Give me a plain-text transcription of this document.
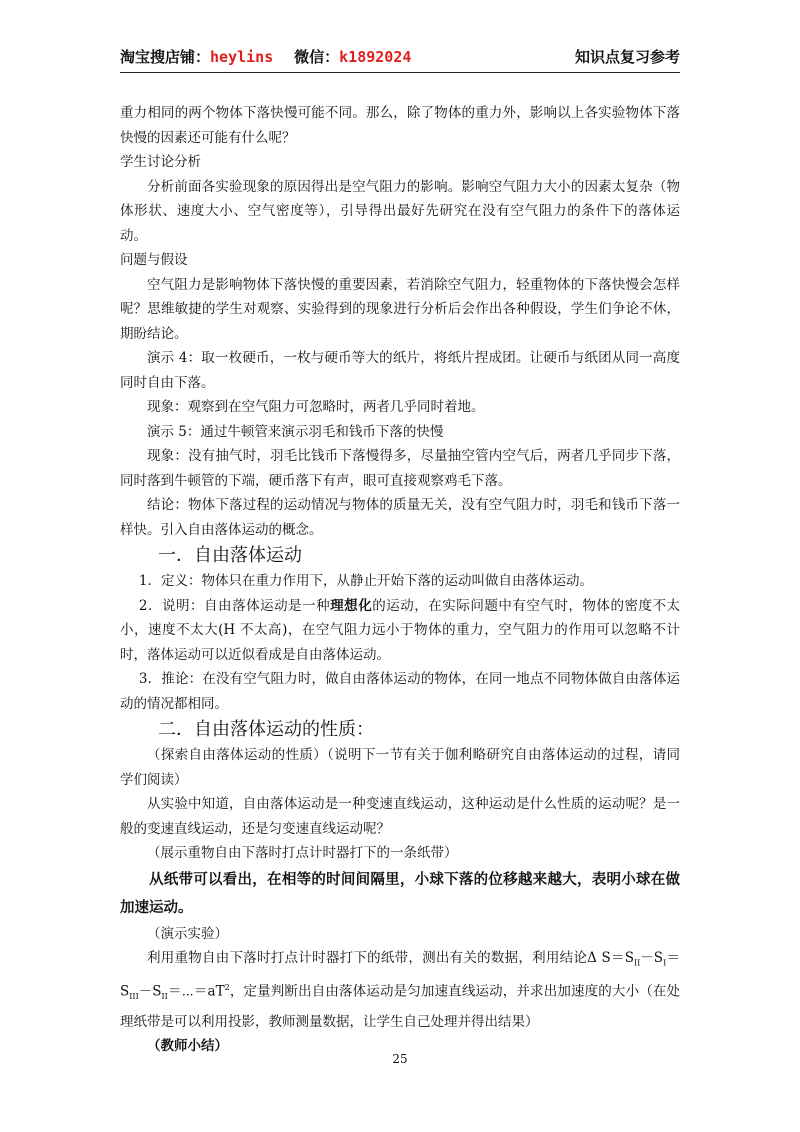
淘宝搜店铺：heylins 微信：k1892024	知识点复习参考

重力相同的两个物体下落快慢可能不同。那么，除了物体的重力外，影响以上各实验物体下落快慢的因素还可能有什么呢？

学生讨论分析

分析前面各实验现象的原因得出是空气阻力的影响。影响空气阻力大小的因素太复杂（物体形状、速度大小、空气密度等），引导得出最好先研究在没有空气阻力的条件下的落体运动。

问题与假设

空气阻力是影响物体下落快慢的重要因素，若消除空气阻力，轻重物体的下落快慢会怎样呢？思维敏捷的学生对观察、实验得到的现象进行分析后会作出各种假设，学生们争论不休，期盼结论。

演示 4：取一枚硬币，一枚与硬币等大的纸片，将纸片捏成团。让硬币与纸团从同一高度同时自由下落。

现象：观察到在空气阻力可忽略时，两者几乎同时着地。

演示 5：通过牛顿管来演示羽毛和钱币下落的快慢

现象：没有抽气时，羽毛比钱币下落慢得多，尽量抽空管内空气后，两者几乎同步下落，同时落到牛顿管的下端，硬币落下有声，眼可直接观察鸡毛下落。

结论：物体下落过程的运动情况与物体的质量无关，没有空气阻力时，羽毛和钱币下落一样快。引入自由落体运动的概念。

一．自由落体运动

1．定义：物体只在重力作用下，从静止开始下落的运动叫做自由落体运动。

2．说明：自由落体运动是一种理想化的运动，在实际问题中有空气时，物体的密度不太小，速度不太大(H 不太高)，在空气阻力远小于物体的重力，空气阻力的作用可以忽略不计时，落体运动可以近似看成是自由落体运动。

3．推论：在没有空气阻力时，做自由落体运动的物体，在同一地点不同物体做自由落体运动的情况都相同。

二．自由落体运动的性质：

（探索自由落体运动的性质）（说明下一节有关于伽利略研究自由落体运动的过程，请同学们阅读）

从实验中知道，自由落体运动是一种变速直线运动，这种运动是什么性质的运动呢？是一般的变速直线运动，还是匀变速直线运动呢？

（展示重物自由下落时打点计时器打下的一条纸带）

从纸带可以看出，在相等的时间间隔里，小球下落的位移越来越大，表明小球在做加速运动。

（演示实验）

利用重物自由下落时打点计时器打下的纸带，测出有关的数据，利用结论Δ $S=S_{II}-S_I=S_{III}-S_{II}=\cdots=aT^2$，定量判断出自由落体运动是匀加速直线运动，并求出加速度的大小（在处理纸带是可以利用投影，教师测量数据，让学生自己处理并得出结果）

（教师小结）

25
